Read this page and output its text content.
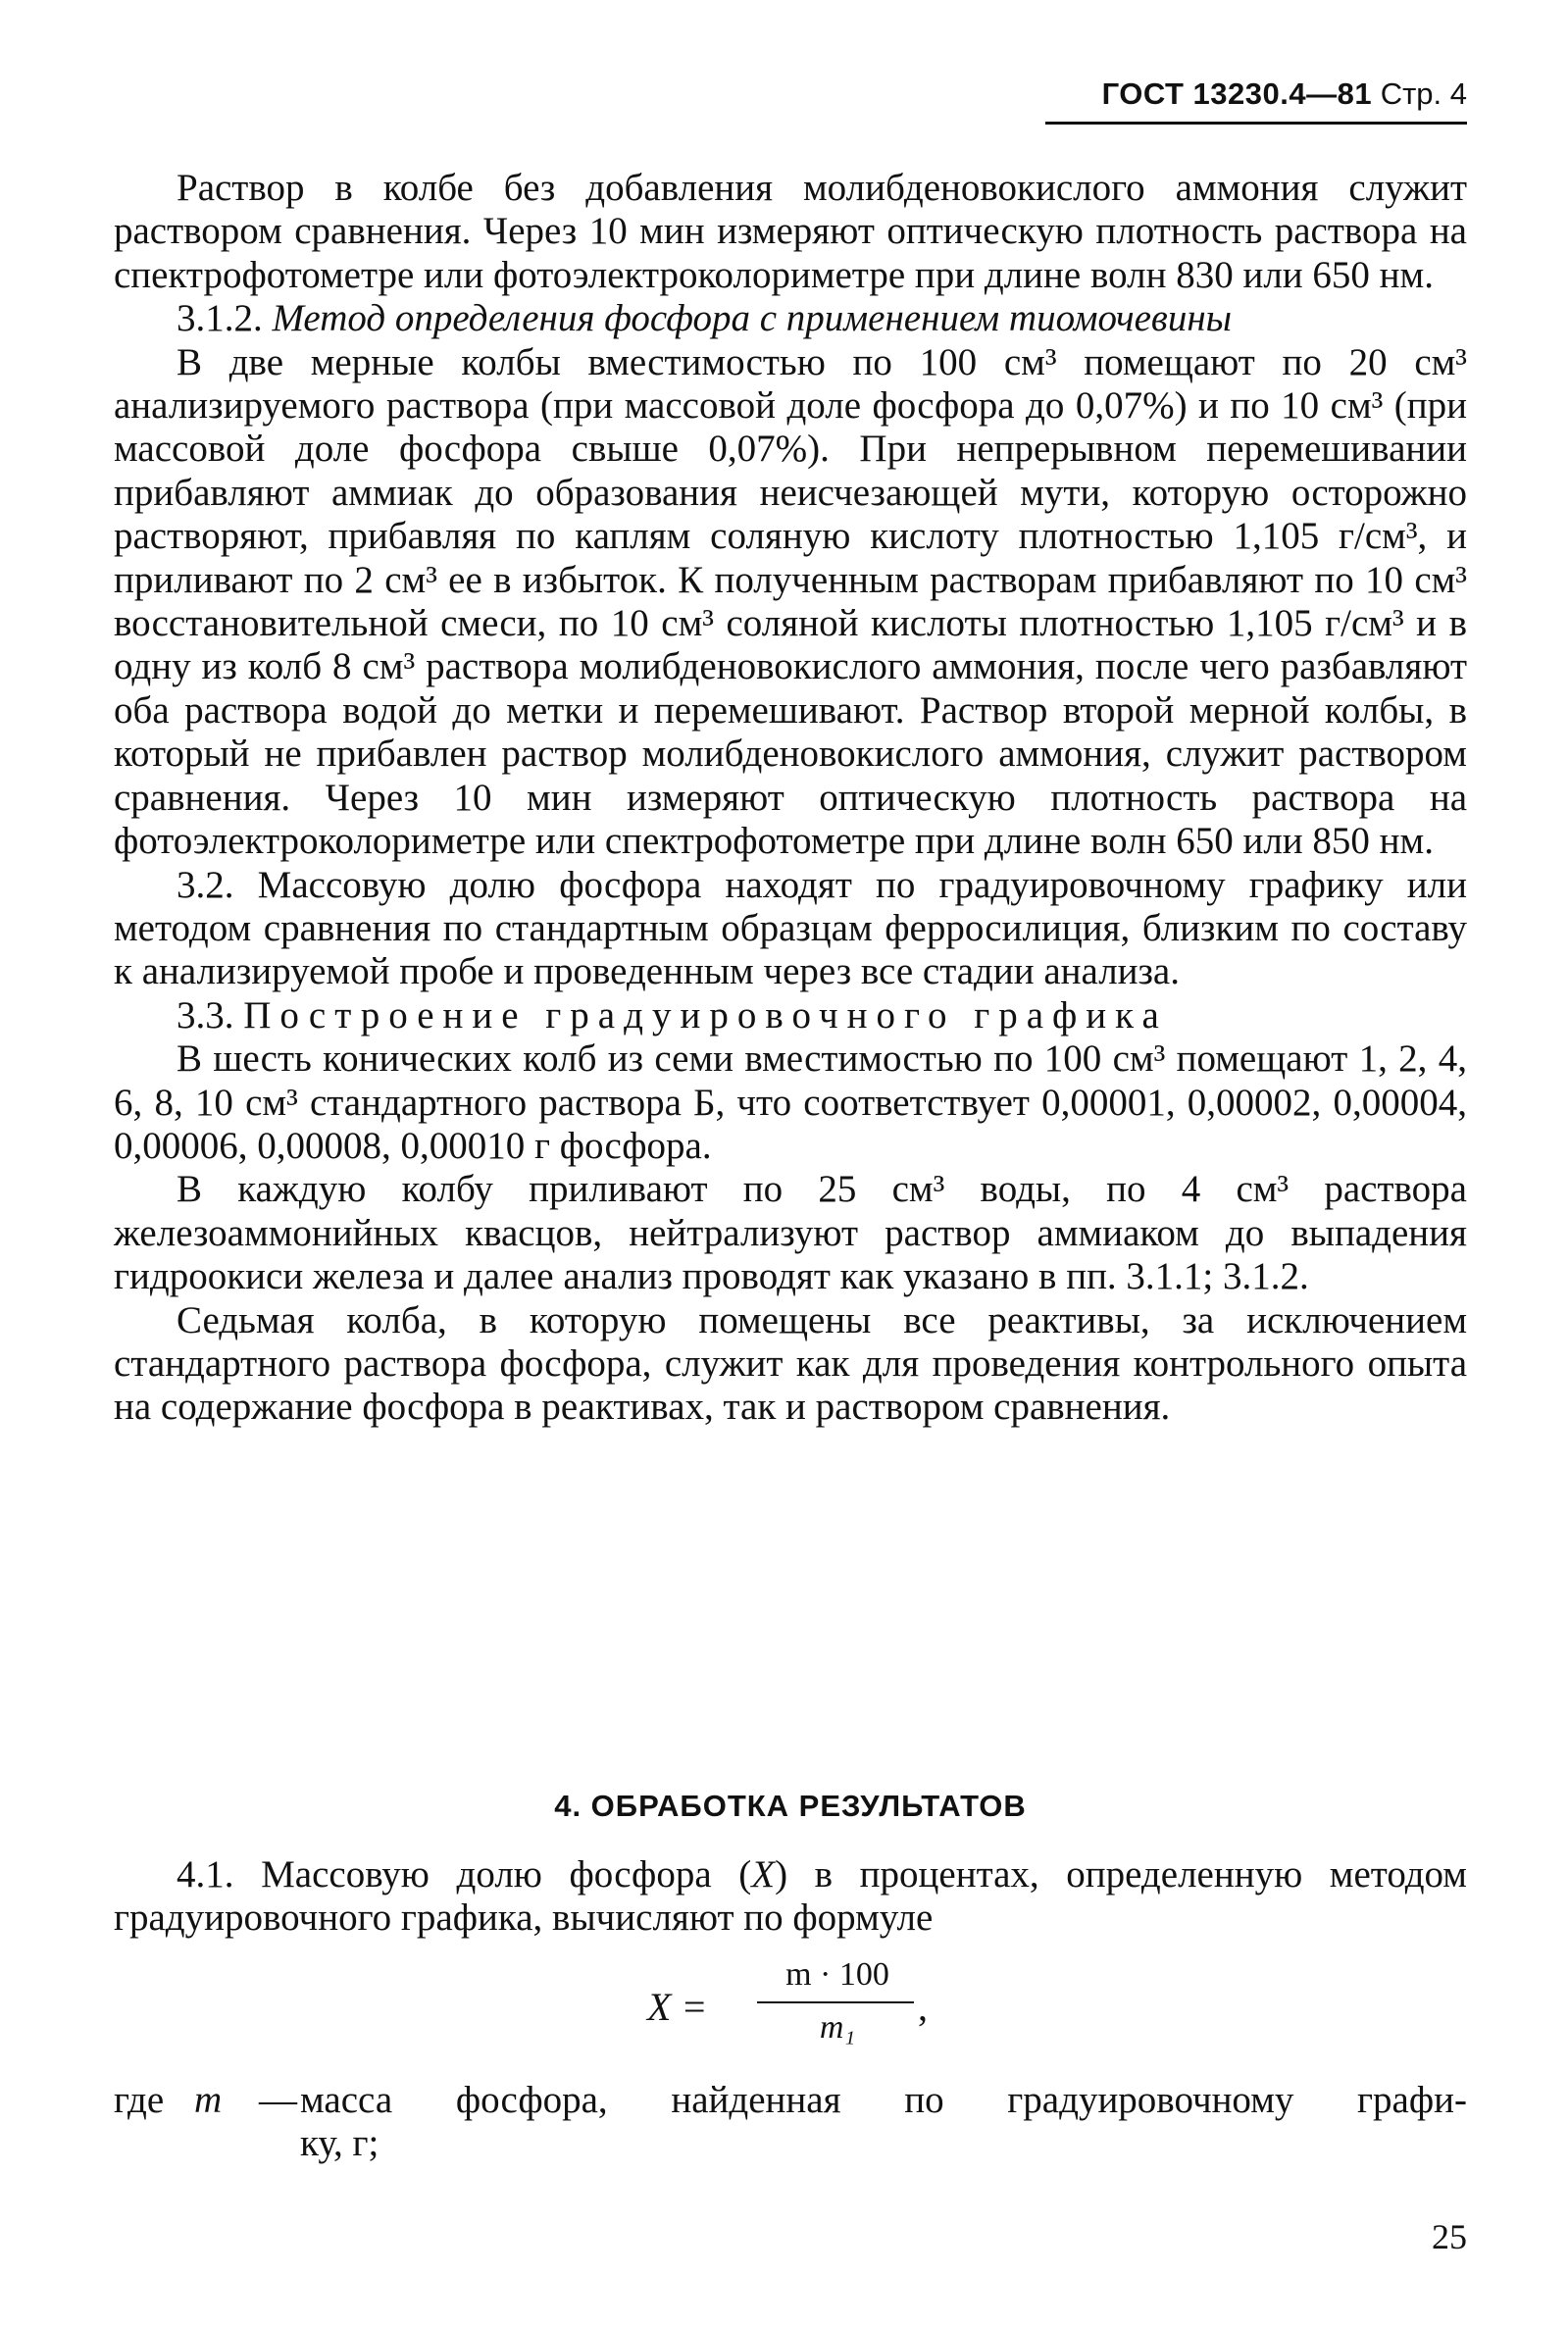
ГОСТ 13230.4—81 Стр. 4

Раствор в колбе без добавления молибденовокислого аммония служит раствором сравнения. Через 10 мин измеряют оптическую плотность раствора на спектрофотометре или фотоэлектроколориметре при длине волн 830 или 650 нм.

3.1.2. Метод определения фосфора с применением тиомочевины

В две мерные колбы вместимостью по 100 см³ помещают по 20 см³ анализируемого раствора (при массовой доле фосфора до 0,07%) и по 10 см³ (при массовой доле фосфора свыше 0,07%). При непрерывном перемешивании прибавляют аммиак до образования неисчезающей мути, которую осторожно растворяют, прибавляя по каплям соляную кислоту плотностью 1,105 г/см³, и приливают по 2 см³ ее в избыток. К полученным растворам прибавляют по 10 см³ восстановительной смеси, по 10 см³ соляной кислоты плотностью 1,105 г/см³ и в одну из колб 8 см³ раствора молибденовокислого аммония, после чего разбавляют оба раствора водой до метки и перемешивают. Раствор второй мерной колбы, в который не прибавлен раствор молибденовокислого аммония, служит раствором сравнения. Через 10 мин измеряют оптическую плотность раствора на фотоэлектроколориметре или спектрофотометре при длине волн 650 или 850 нм.

3.2. Массовую долю фосфора находят по градуировочному графику или методом сравнения по стандартным образцам ферросилиция, близким по составу к анализируемой пробе и проведенным через все стадии анализа.

3.3. Построение градуировочного графика

В шесть конических колб из семи вместимостью по 100 см³ помещают 1, 2, 4, 6, 8, 10 см³ стандартного раствора Б, что соответствует 0,00001, 0,00002, 0,00004, 0,00006, 0,00008, 0,00010 г фосфора.

В каждую колбу приливают по 25 см³ воды, по 4 см³ раствора железоаммонийных квасцов, нейтрализуют раствор аммиаком до выпадения гидроокиси железа и далее анализ проводят как указано в пп. 3.1.1; 3.1.2.

Седьмая колба, в которую помещены все реактивы, за исключением стандартного раствора фосфора, служит как для проведения контрольного опыта на содержание фосфора в реактивах, так и раствором сравнения.

4. ОБРАБОТКА РЕЗУЛЬТАТОВ

4.1. Массовую долю фосфора (X) в процентах, определенную методом градуировочного графика, вычисляют по формуле

X =
m · 100
m₁	,
где m — масса фосфора, найденная по градуировочному графи-
ку, г;
25
